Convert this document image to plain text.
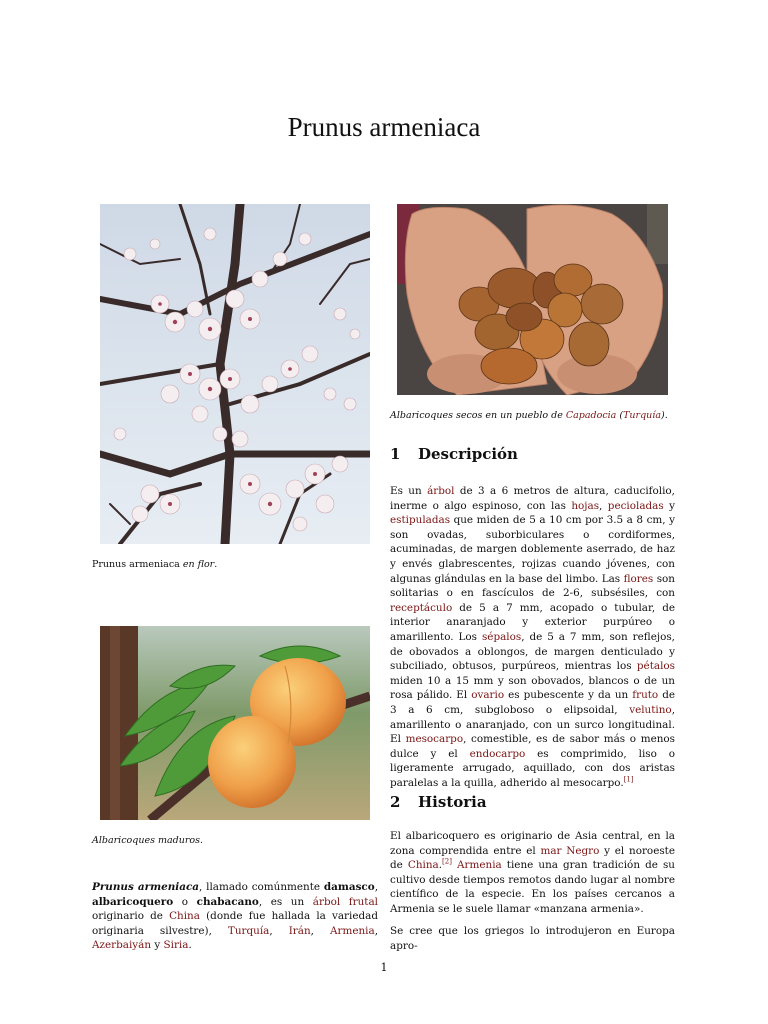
Prunus armeniaca
Prunus armeniaca en flor.
Albaricoques maduros.

Prunus armeniaca, llamado comúnmente damasco, albaricoquero o chabacano, es un árbol frutal originario de China (donde fue hallada la variedad originaria silvestre), Turquía, Irán, Armenia, Azerbaiyán y Siria.

Albaricoques secos en un pueblo de Capadocia (Turquía).
1 Descripción

Es un árbol de 3 a 6 metros de altura, caducifolio, inerme o algo espinoso, con las hojas, pecioladas y estipuladas que miden de 5 a 10 cm por 3.5 a 8 cm, y son ovadas, suborbiculares o cordiformes, acuminadas, de margen doblemente aserrado, de haz y envés glabrescentes, rojizas cuando jóvenes, con algunas glándulas en la base del limbo. Las flores son solitarias o en fascículos de 2-6, subsésiles, con receptáculo de 5 a 7 mm, acopado o tubular, de interior anaranjado y exterior purpúreo o amarillento. Los sépalos, de 5 a 7 mm, son reflejos, de obovados a oblongos, de margen denticulado y subciliado, obtusos, purpúreos, mientras los pétalos miden 10 a 15 mm y son obovados, blancos o de un rosa pálido. El ovario es pubescente y da un fruto de 3 a 6 cm, subgloboso o elipsoidal, velutino, amarillento o anaranjado, con un surco longitudinal. El mesocarpo, comestible, es de sabor más o menos dulce y el endocarpo es comprimido, liso o ligeramente arrugado, aquillado, con dos aristas paralelas a la quilla, adherido al mesocarpo.[1]

2 Historia

El albaricoquero es originario de Asia central, en la zona comprendida entre el mar Negro y el noroeste de China.[2] Armenia tiene una gran tradición de su cultivo desde tiempos remotos dando lugar al nombre científico de la especie. En los países cercanos a Armenia se le suele llamar «manzana armenia».

Se cree que los griegos lo introdujeron en Europa apro-

1
